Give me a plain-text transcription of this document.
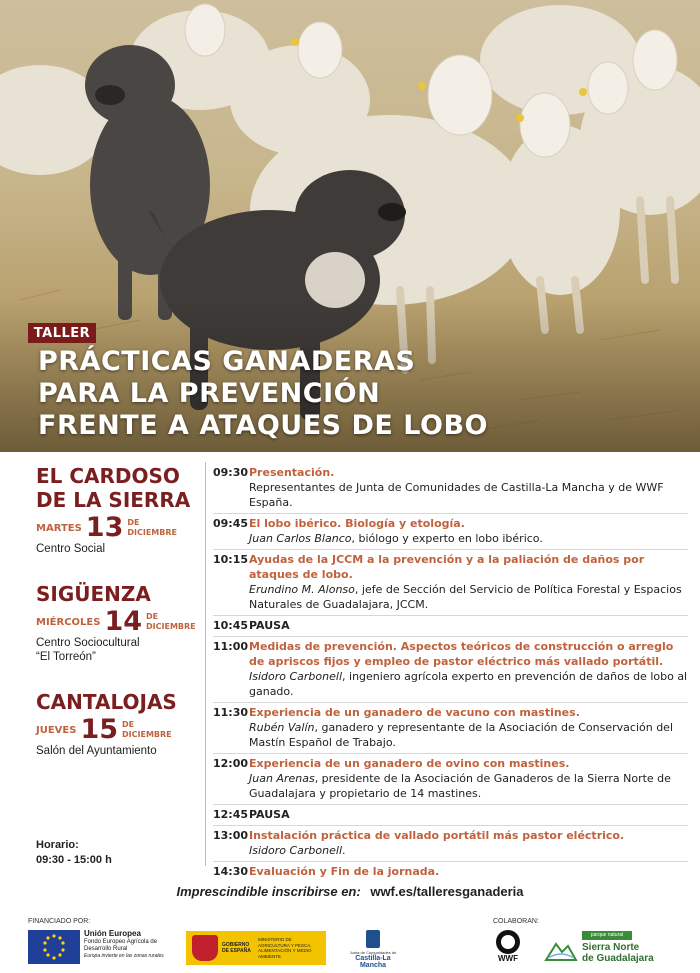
TALLER
PRÁCTICAS GANADERAS
PARA LA PREVENCIÓN
FRENTE A ATAQUES DE LOBO
EL CARDOSO
DE LA SIERRA
MARTES 13 DE
DICIEMBRE
Centro Social
SIGÜENZA
MIÉRCOLES 14 DE
DICIEMBRE
Centro Sociocultural
“El Torreón”
CANTALOJAS
JUEVES 15 DE
DICIEMBRE
Salón del Ayuntamiento
Horario:
09:30 - 15:00 h
09:30 Presentación.
Representantes de Junta de Comunidades de Castilla-La Mancha y de WWF España.
09:45 El lobo ibérico. Biología y etología.
Juan Carlos Blanco, biólogo y experto en lobo ibérico.
10:15 Ayudas de la JCCM a la prevención y a la paliación de daños por ataques de lobo.
Erundino M. Alonso, jefe de Sección del Servicio de Política Forestal y Espacios Naturales de Guadalajara, JCCM.
10:45 PAUSA
11:00 Medidas de prevención. Aspectos teóricos de construcción o arreglo de apriscos fijos y empleo de pastor eléctrico más vallado portátil.
Isidoro Carbonell, ingeniero agrícola experto en prevención de daños de lobo al ganado.
11:30 Experiencia de un ganadero de vacuno con mastines.
Rubén Valín, ganadero y representante de la Asociación de Conservación del Mastín Español de Trabajo.
12:00 Experiencia de un ganadero de ovino con mastines.
Juan Arenas, presidente de la Asociación de Ganaderos de la Sierra Norte de Guadalajara y propietario de 14 mastines.
12:45 PAUSA
13:00 Instalación práctica de vallado portátil más pastor eléctrico.
Isidoro Carbonell.
14:30 Evaluación y Fin de la jornada.
Imprescindible inscribirse en: wwf.es/talleresganaderia
FINANCIADO POR:	COLABORAN:
Unión Europea
Fondo Europeo Agrícola de Desarrollo Rural
Europa invierte en las zonas rurales
GOBIERNO DE ESPAÑA
MINISTERIO DE AGRICULTURA Y PESCA, ALIMENTACIÓN Y MEDIO AMBIENTE
Junta de Comunidades de
Castilla-La Mancha
WWF
parque natural
Sierra Norte
de Guadalajara
